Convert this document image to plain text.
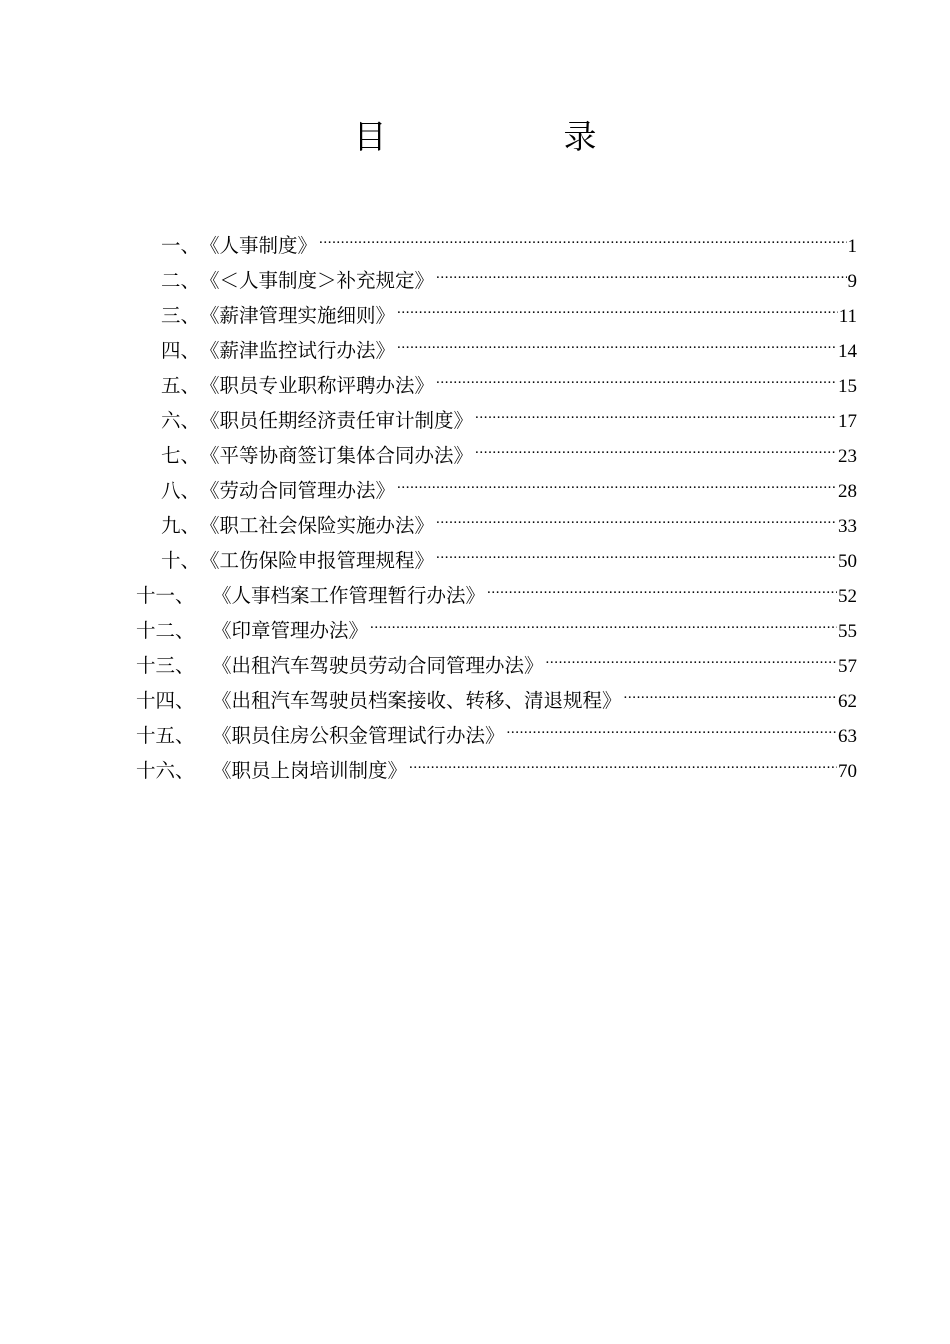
目　录
一、 《人事制度》 .....	1
二、 《＜人事制度＞补充规定》 .....	9
三、 《薪津管理实施细则》 .....	11
四、 《薪津监控试行办法》 .....	14
五、 《职员专业职称评聘办法》 .....	15
六、 《职员任期经济责任审计制度》 .....	17
七、 《平等协商签订集体合同办法》 .....	23
八、 《劳动合同管理办法》 .....	28
九、 《职工社会保险实施办法》 .....	33
十、 《工伤保险申报管理规程》 .....	50
十一、 《人事档案工作管理暂行办法》 .....	52
十二、 《印章管理办法》 .....	55
十三、 《出租汽车驾驶员劳动合同管理办法》 .....	57
十四、 《出租汽车驾驶员档案接收、转移、清退规程》 .....	62
十五、 《职员住房公积金管理试行办法》 .....	63
十六、 《职员上岗培训制度》 .....	70
